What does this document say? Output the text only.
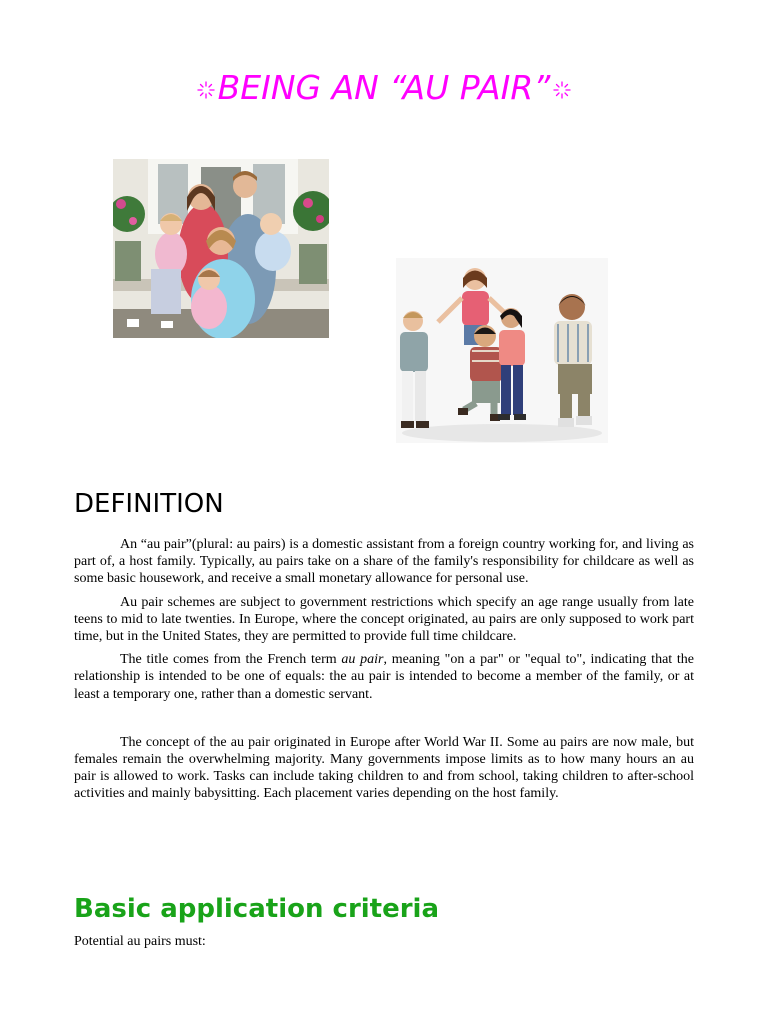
BEING AN “AU PAIR”
DEFINITION

An “au pair”(plural: au pairs) is a domestic assistant from a foreign country working for, and living as part of, a host family. Typically, au pairs take on a share of the family's responsibility for childcare as well as some basic housework, and receive a small monetary allowance for personal use.

Au pair schemes are subject to government restrictions which specify an age range usually from late teens to mid to late twenties. In Europe, where the concept originated, au pairs are only supposed to work part time, but in the United States, they are permitted to provide full time childcare.

The title comes from the French term au pair, meaning "on a par" or "equal to", indicating that the relationship is intended to be one of equals: the au pair is intended to become a member of the family, or at least a temporary one, rather than a domestic servant.

The concept of the au pair originated in Europe after World War II. Some au pairs are now male, but females remain the overwhelming majority. Many governments impose limits as to how many hours an au pair is allowed to work. Tasks can include taking children to and from school, taking children to after-school activities and mainly babysitting. Each placement varies depending on the host family.

Basic application criteria
Potential au pairs must:
